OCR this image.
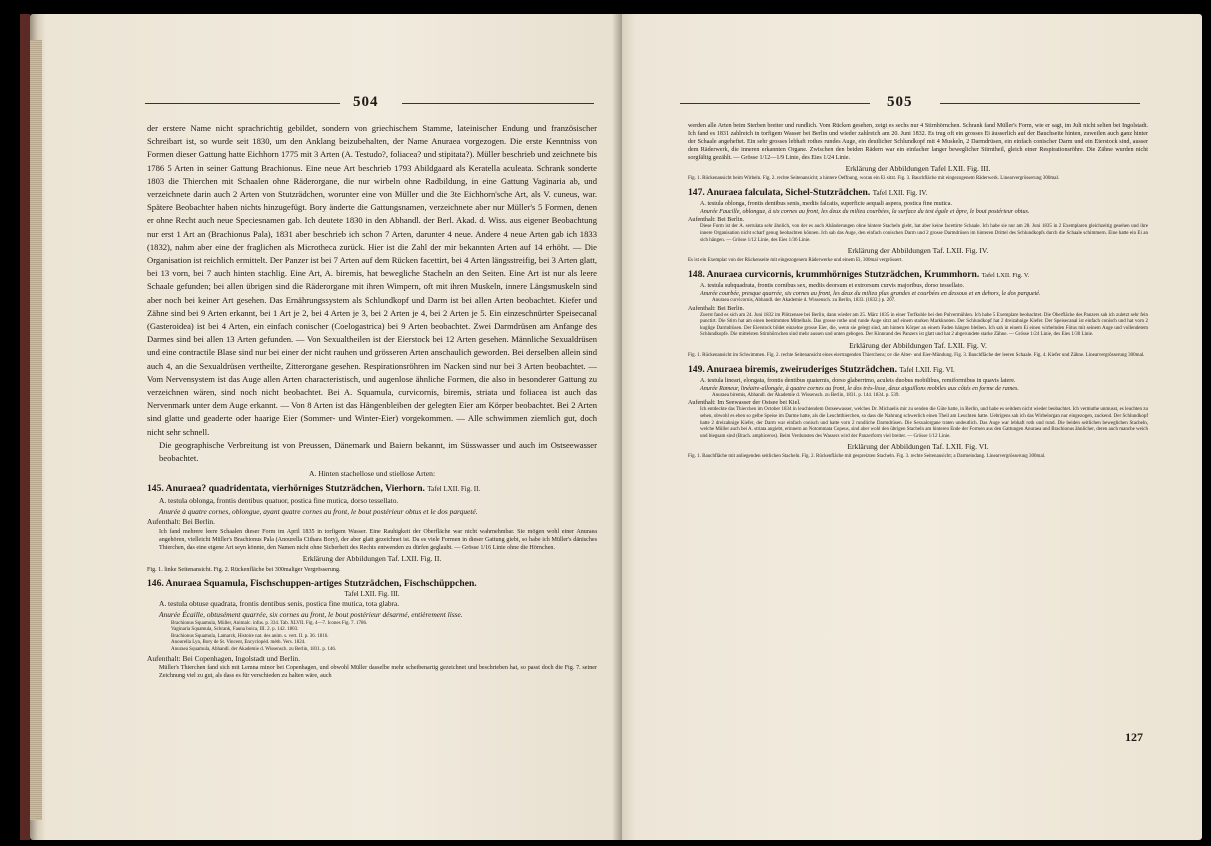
504

der erstere Name nicht sprachrichtig gebildet, sondern von griechischem Stamme, lateinischer Endung und französischer Schreibart ist, so wurde seit 1830, um den Anklang beizubehalten, der Name Anuraea vorgezogen. Die erste Kenntniss von Formen dieser Gattung hatte Eichhorn 1775 mit 3 Arten (A. Testudo?, foliacea? und stipitata?). Müller beschrieb und zeichnete bis 1786 5 Arten in seiner Gattung Brachionus. Eine neue Art beschrieb 1793 Abildgaard als Keratella aculeata. Schrank sonderte 1803 die Thierchen mit Schaalen ohne Räderorgane, die nur wirbeln ohne Radbildung, in eine Gattung Vaginaria ab, und verzeichnete darin auch 2 Arten von Stutzrädchen, worunter eine von Müller und die 3te Eichhorn'sche Art, als V. cuneus, war. Spätere Beobachter haben nichts hinzugefügt. Bory änderte die Gattungsnamen, verzeichnete aber nur Müller's 5 Formen, denen er ohne Recht auch neue Speciesnamen gab. Ich deutete 1830 in den Abhandl. der Berl. Akad. d. Wiss. aus eigener Beobachtung nur erst 1 Art an (Brachionus Pala), 1831 aber beschrieb ich schon 7 Arten, darunter 4 neue. Andere 4 neue Arten gab ich 1833 (1832), nahm aber eine der fraglichen als Microtheca zurück. Hier ist die Zahl der mir bekannten Arten auf 14 erhöht. — Die Organisation ist reichlich ermittelt. Der Panzer ist bei 7 Arten auf dem Rücken facettirt, bei 4 Arten längsstreifig, bei 3 Arten glatt, bei 13 vorn, bei 7 auch hinten stachlig. Eine Art, A. biremis, hat bewegliche Stacheln an den Seiten. Eine Art ist nur als leere Schaale gefunden; bei allen übrigen sind die Räderorgane mit ihren Wimpern, oft mit ihren Muskeln, innere Längsmuskeln sind aber noch bei keiner Art gesehen. Das Ernährungssystem als Schlundkopf und Darm ist bei allen Arten beobachtet. Kiefer und Zähne sind bei 9 Arten erkannt, bei 1 Art je 2, bei 4 Arten je 3, bei 2 Arten je 4, bei 2 Arten je 5. Ein einzeschnürter Speisecanal (Gasteroidea) ist bei 4 Arten, ein einfach conischer (Coelogastrica) bei 9 Arten beobachtet. Zwei Darmdrüsen am Anfange des Darmes sind bei allen 13 Arten gefunden. — Von Sexualtheilen ist der Eierstock bei 12 Arten gesehen. Männliche Sexualdrüsen und eine contractile Blase sind nur bei einer der nicht rauhen und grösseren Arten anschaulich geworden. Bei derselben allein sind auch 4, an die Sexualdrüsen vertheilte, Zitterorgane gesehen. Respirationsröhren im Nacken sind nur bei 3 Arten beobachtet. — Vom Nervensystem ist das Auge allen Arten characteristisch, und augenlose ähnliche Formen, die also in besonderer Gattung zu verzeichnen wären, sind noch nicht beobachtet. Bei A. Squamula, curvicornis, biremis, striata und foliacea ist auch das Nervenmark unter dem Auge erkannt. — Von 8 Arten ist das Hängenbleiben der gelegten Eier am Körper beobachtet. Bei 2 Arten sind glatte und geaderte oder haarige Eier (Sommer- und Winter-Eier) vorgekommen. — Alle schwimmen ziemlich gut, doch nicht sehr schnell.

Die geographische Verbreitung ist von Preussen, Dänemark und Baiern bekannt, im Süsswasser und auch im Ostseewasser beobachtet.

A. Hinten stachellose und stiellose Arten:
145. Anuraea? quadridentata, vierhörniges Stutzrädchen, Vierhorn. Tafel LXII. Fig. II.

A. testula oblonga, frontis dentibus quatuor, postica fine mutica, dorso tessellato.

Anurée à quatre cornes, oblongue, ayant quatre cornes au front, le bout postérieur obtus et le dos parqueté.

Aufenthalt: Bei Berlin.

Ich fand mehrere leere Schaalen dieser Form im April 1835 in torfigem Wasser. Eine Rauhigkeit der Oberfläche war nicht wahrnehmbar. Sie mögen wohl einer Anuraea angehören, vielleicht Müller's Brachionus Pala (Anourella Cithara Bory), der aber glatt gezeichnet ist. Da es viele Formen in dieser Gattung giebt, so habe ich Müller's dänisches Thierchen, das eine eigene Art seyn könnte, den Namen nicht ohne Sicherheit des Rechts entwenden zu dürfen geglaubt. — Grösse 1/16 Linie ohne die Hörnchen.

Erklärung der Abbildungen Taf. LXII. Fig. II.

Fig. 1. linke Seitenansicht. Fig. 2. Rückenfläche bei 300maliger Vergrösserung.

146. Anuraea Squamula, Fischschuppen-artiges Stutzrädchen, Fischschüppchen.
Tafel LXII. Fig. III.

A. testula obtuse quadrata, frontis dentibus senis, postica fine mutica, tota glabra.

Anurée Écaille, obtusément quarrée, six cornes au front, le bout postérieur désarmé, entièrement lisse.

Brachionus Squamula, Müller, Animalc. infus. p. 334. Tab. XLVII. Fig. 4—7. Icones Fig. 7. 1786.

Vaginaria Squamula, Schrank, Fauna boica, III. 2. p. 142. 1803.

Brachionus Squamula, Lamarck, Histoire nat. des anim. s. vert. II. p. 36. 1816.

Anourella Lyn, Bory de St. Vincent, Encyclopéd. méth. Vers. 1824.

Anuraea Squamula, Abhandl. der Akademie d. Wissensch. zu Berlin, 1831. p. 146.

Aufenthalt: Bei Copenhagen, Ingolstadt und Berlin.

Müller's Thierchen fand sich mit Lemna minor bei Copenhagen, und obwohl Müller dasselbe mehr scheibenartig gezeichnet und beschrieben hat, so passt doch die Fig. 7. seiner Zeichnung viel zu gut, als dass es für verschieden zu halten wäre, auch

505

werden alle Arten beim Sterben breiter und rundlich. Vom Rücken gesehen, zeigt es sechs nur 4 Stirnhörnchen. Schrank fand Müller's Form, wie er sagt, im Juli nicht selten bei Ingolstadt. Ich fand es 1831 zahlreich in torfigem Wasser bei Berlin und wieder zahlreich am 20. Juni 1832. Es trug oft ein grosses Ei äusserlich auf der Bauchseite hinten, zuweilen auch ganz hinter der Schaale angeheftet. Ein sehr grosses lebhaft rothes rundes Auge, ein deutlicher Schlundkopf mit 4 Muskeln, 2 Darmdrüsen, ein einfach conischer Darm und ein Eierstock sind, ausser dem Räderwerk, die inneren erkannten Organe. Zwischen den beiden Rädern war ein einfacher langer beweglicher Stirntheil, gleich einer Respirationsröhre. Die Zähne wurden nicht sorgfältig gezählt. — Grösse 1/12—1/9 Linie, des Eies 1/24 Linie.

Erklärung der Abbildungen Tafel LXII. Fig. III.

Fig. 1. Rückenansicht beim Wirbeln. Fig. 2. rechte Seitenansicht; a hintere Oeffnung, woran ein Ei sitzt. Fig. 3. Bauchfläche mit eingezogenem Räderwerk. Linearvergrösserung 300mal.

147. Anuraea falculata, Sichel-Stutzrädchen. Tafel LXII. Fig. IV.

A. testula oblonga, frontis dentibus senis, mediis falcatis, superficie aequali aspera, postica fine mutica.

Anurée Faucille, oblongue, à six cornes au front, les deux du milieu courbées, la surface du test égale et âpre, le bout postérieur obtus.

Aufenthalt: Bei Berlin.

Diese Form ist der A. serrulata sehr ähnlich, von der es auch Abänderungen ohne hintere Stacheln giebt, hat aber keine facettirte Schaale. Ich habe sie nur am 28. Juni 1835 in 2 Exemplaren gleichzeitig gesehen und ihre innere Organisation nicht scharf genug beobachten können. Ich sah das Auge, den einfach conischen Darm und 2 grosse Darmdrüsen im hinteren Drittel des Schlundkopfs durch die Schaale schimmern. Eine hatte ein Ei an sich hängen. — Grösse 1/12 Linie, des Eies 1/36 Linie.

Erklärung der Abbildungen Taf. LXII. Fig. IV.

Es ist ein Exemplar von der Rückenseite mit eingezogenem Räderwerke und einem Ei, 300mal vergrössert.

148. Anuraea curvicornis, krummhörniges Stutzrädchen, Krummhorn. Tafel LXII. Fig. V.

A. testula subquadrata, frontis cornibus sex, mediis deorsum et extrorsum curvis majoribus, dorso tessellato.

Anurée courbée, presque quarrée, six cornes au front, les deux du milieu plus grandes et courbées en dessous et en dehors, le dos parqueté.

Anuraea curvicornis, Abhandl. der Akademie d. Wissensch. zu Berlin, 1833. (1832.) p. 207.

Aufenthalt: Bei Berlin.

Zuerst fand es sich am 24. Juni 1832 im Plötzensee bei Berlin, dann wieder am 25. März 1835 in einer Torfkuhle bei den Pulvermühlen. Ich habe 5 Exemplare beobachtet. Die Oberfläche des Panzers sah ich zuletzt sehr fein punctirt. Die Stirn hat am einen bestimmten Mittelhals. Das grosse rothe und runde Auge sitzt auf einem starken Markknoten. Der Schlundkopf hat 2 dreizahnige Kiefer. Der Speisecanal ist einfach conisch und hat vorn 2 kuglige Darmdrüsen. Der Eierstock bildet einzelne grosse Eier, die, wenn sie gelegt sind, am hintern Körper an einem Faden hängen bleiben. Ich sah in einem Ei einen wirbelnden Fötus mit seinem Auge und vollendetem Schlundkopfe. Die mittelsten Stirnhörnchen sind mehr aussen und unten gebogen. Der Kinnrand des Panzers ist glatt und hat 2 abgerundete starke Zähne. — Grösse 1/24 Linie, des Eies 1/30 Linie.

Erklärung der Abbildungen Taf. LXII. Fig. V.

Fig. 1. Rückenansicht im Schwimmen. Fig. 2. rechte Seitenansicht eines eiertragenden Thierchens; ov die Alter- und Eier-Mündung. Fig. 3. Bauchfläche der leeren Schaale. Fig. 4. Kiefer und Zähne. Linearvergrösserung 300mal.

149. Anuraea biremis, zweiruderiges Stutzrädchen. Tafel LXII. Fig. VI.

A. testula lineari, elongata, frontis dentibus quaternis, dorso glaberrimo, aculeis duobus mobilibus, remiformibus in quavis latere.

Anurée Rameur, linéaire-allongée, à quatre cornes au front, le dos très-lisse, deux aiguillons mobiles aux côtés en forme de rames.

Anuraea biremis, Abhandl. der Akademie d. Wissensch. zu Berlin, 1831. p. 144. 1834. p. 539.

Aufenthalt: Im Seewasser der Ostsee bei Kiel.

Ich entdeckte das Thierchen im October 1834 in leuchtendem Ostseewasser, welches Dr. Michaelis mir zu senden die Güte hatte, in Berlin, und habe es seitdem nicht wieder beobachtet. Ich vermuthe unmusst, es leuchten zu sehen, obwohl es eben so gelbe Speise im Darme hatte, als die Leuchtthierchen, so dass die Nahrung schwerlich einen Theil am Leuchten hatte. Uebrigens sah ich das Wirbelorgan nur eingezogen, zuckend. Der Schlundkopf hatte 2 dreizahnige Kiefer, der Darm war einfach conisch und hatte vorn 2 rundliche Darmdrüsen. Die Sexualorgane traten undeutlich. Das Auge war lebhaft roth und rund. Die beiden seitlichen beweglichen Stacheln, welche Müller auch bei A. striata angiebt, erinnern an Notommata Copeus, sind aber wohl den übrigen Stacheln am hinteren Ende der Formen aus den Gattungen Anuraea und Brachionus ähnlicher, deren auch manche weich und biegsam sind (Brach. amphiceros). Beim Verdunsten des Wassers wird der Panzerform viel breiter. — Grösse 1/12 Linie.

Erklärung der Abbildungen Taf. LXII. Fig. VI.

Fig. 1. Bauchfläche mit anliegenden seitlichen Stacheln. Fig. 2. Rückenfläche mit gespreizten Stacheln. Fig. 3. rechte Seitenansicht; a Darmeindang. Linearvergrösserung 300mal.

127
